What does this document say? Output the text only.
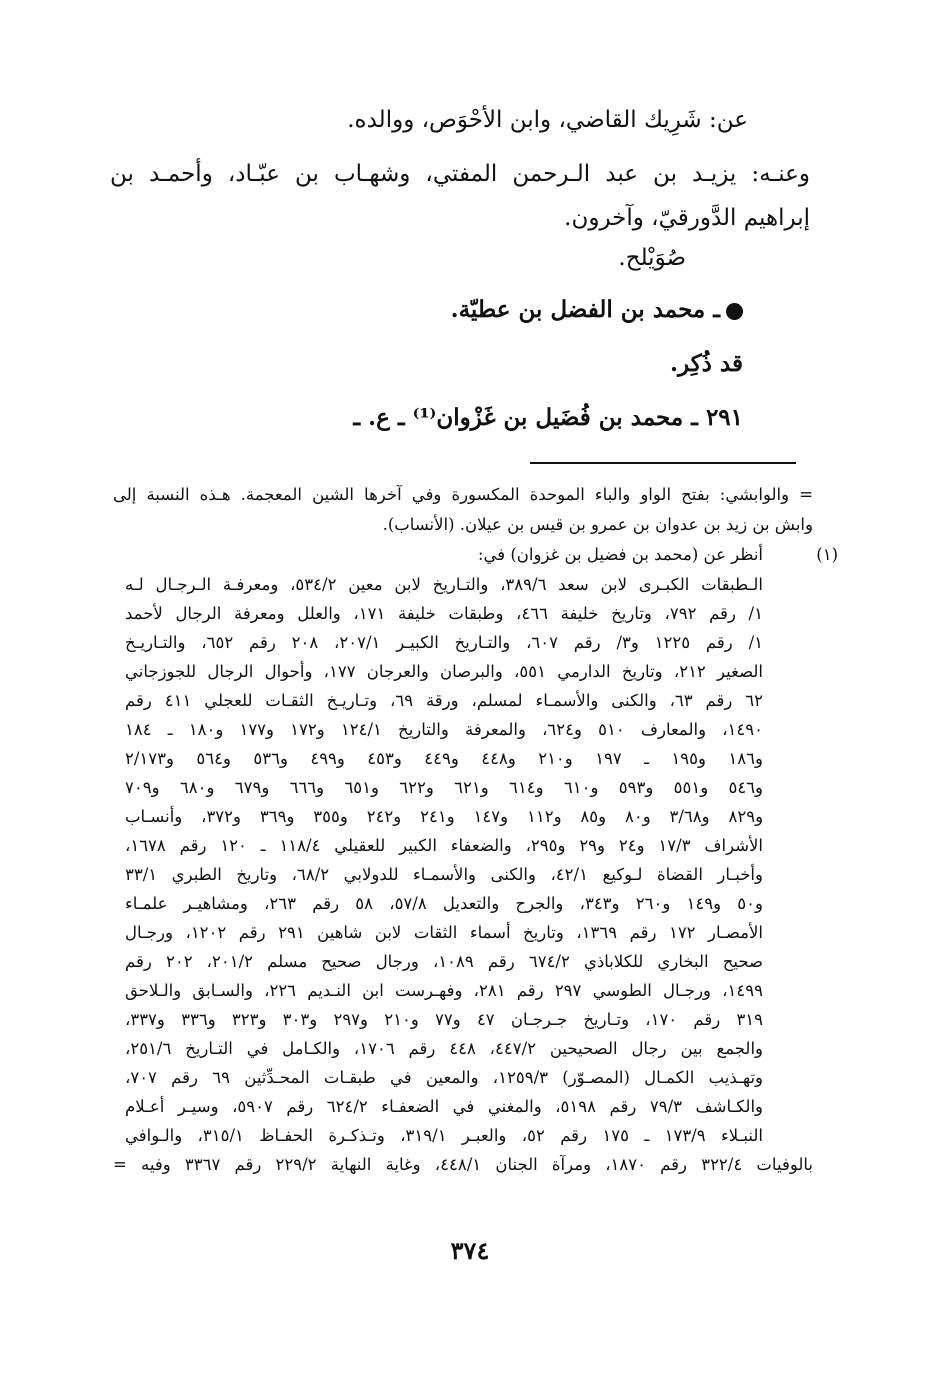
عن: شَرِيك القاضي، وابن الأحْوَص، ووالده.
وعنـه: يزيـد بن عبد الـرحمن المفتي، وشهـاب بن عبّـاد، وأحمـد بن
إبراهيم الدَّورقيّ، وآخرون.
صُوَيْلح.
ـ محمد بن الفضل بن عطيّة.
قد ذُكِر.
٢٩١ ـ محمد بن فُضَيل بن غَزْوان⁽¹⁾ ـ ع. ـ
= والوابشي: بفتح الواو والباء الموحدة المكسورة وفي آخرها الشين المعجمة. هـذه النسبة إلى
وابش بن زيد بن عدوان بن عمرو بن قيس بن عيلان. (الأنساب).
(١)
أنظر عن (محمد بن فضيل بن غزوان) في:
الـطبقات الكبـرى لابن سعد ٣٨٩/٦، والتـاريخ لابن معين ٥٣٤/٢، ومعرفـة الـرجـال لـه
١/ رقم ٧٩٢، وتاريخ خليفة ٤٦٦، وطبقات خليفة ١٧١، والعلل ومعرفة الرجال لأحمد
١/ رقم ١٢٢٥ و٣/ رقم ٦٠٧، والتـاريخ الكبيـر ٢٠٧/١، ٢٠٨ رقم ٦٥٢، والتـاريـخ
الصغير ٢١٢، وتاريخ الدارمي ٥٥١، والبرصان والعرجان ١٧٧، وأحوال الرجال للجوزجاني
٦٢ رقم ٦٣، والكنى والأسمـاء لمسلم، ورقة ٦٩، وتـاريـخ الثقـات للعجلي ٤١١ رقم
١٤٩٠، والمعارف ٥١٠ و٦٢٤، والمعرفة والتاريخ ١٢٤/١ و١٧٢ و١٧٧ و١٨٠ ـ ١٨٤
و١٨٦ و١٩٥ ـ ١٩٧ و٢١٠ و٤٤٨ و٤٤٩ و٤٥٣ و٤٩٩ و٥٣٦ و٥٦٤ و٢/١٧٣
و٥٤٦ و٥٥١ و٥٩٣ و٦١٠ و٦١٤ و٦٢١ و٦٢٢ و٦٥١ و٦٦٦ و٦٧٩ و٦٨٠ و٧٠٩
و٨٢٩ و٣/٦٨ و٨٠ و٨٥ و١١٢ و١٤٧ و٢٤١ و٢٤٢ و٣٥٥ و٣٦٩ و٣٧٢، وأنسـاب
الأشراف ١٧/٣ و٢٤ و٢٩ و٢٩٥، والضعفاء الكبير للعقيلي ١١٨/٤ ـ ١٢٠ رقم ١٦٧٨،
وأخبـار القضاة لـوكيع ٤٢/١، والكنى والأسمـاء للدولابي ٦٨/٢، وتاريخ الطبري ٣٣/١
و٥٠ و١٤٩ و٢٦٠ و٣٤٣، والجرح والتعديل ٥٧/٨، ٥٨ رقم ٢٦٣، ومشاهيـر علمـاء
الأمصـار ١٧٢ رقم ١٣٦٩، وتاريخ أسماء الثقات لابن شاهين ٢٩١ رقم ١٢٠٢، ورجـال
صحيح البخاري للكلاباذي ٦٧٤/٢ رقم ١٠٨٩، ورجال صحيح مسلم ٢٠١/٢، ٢٠٢ رقم
١٤٩٩، ورجـال الطوسي ٢٩٧ رقم ٢٨١، وفهـرست ابن النـديم ٢٢٦، والسـابق والـلاحق
٣١٩ رقم ١٧٠، وتـاريخ جـرجـان ٤٧ و٧٧ و٢١٠ و٢٩٧ و٣٠٣ و٣٢٣ و٣٣٦ و٣٣٧،
والجمع بين رجال الصحيحين ٤٤٧/٢، ٤٤٨ رقم ١٧٠٦، والكـامل في التـاريخ ٢٥١/٦،
وتهـذيب الكمـال (المصـوّر) ١٢٥٩/٣، والمعين في طبقـات المحـدِّثين ٦٩ رقم ٧٠٧،
والكـاشف ٧٩/٣ رقم ٥١٩٨، والمغني في الضعفـاء ٦٢٤/٢ رقم ٥٩٠٧، وسيـر أعـلام
النبـلاء ١٧٣/٩ ـ ١٧٥ رقم ٥٢، والعبـر ٣١٩/١، وتـذكـرة الحفـاظ ٣١٥/١، والـوافي
بالوفيات ٣٢٢/٤ رقم ١٨٧٠، ومرآة الجنان ٤٤٨/١، وغاية النهاية ٢٢٩/٢ رقم ٣٣٦٧ وفيه =
٣٧٤
